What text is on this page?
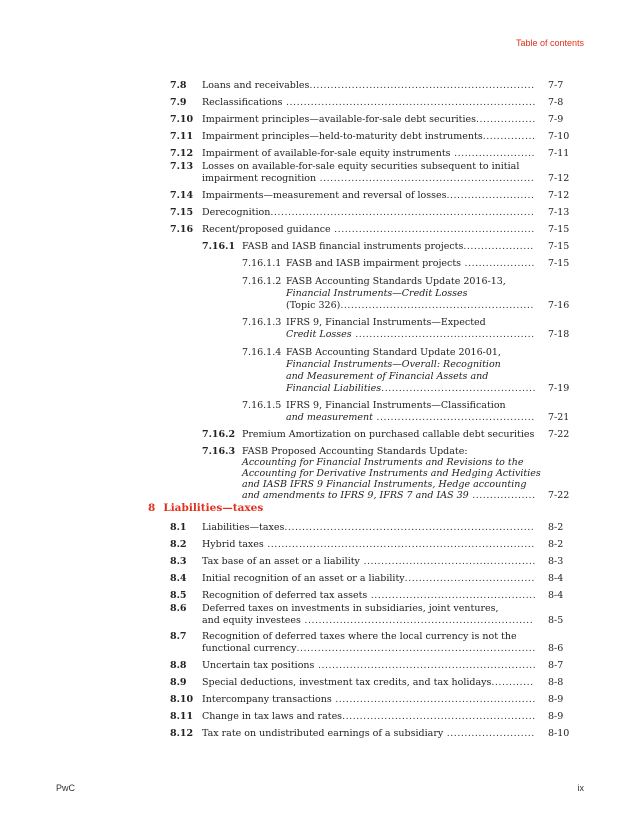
Table of contents
8 Liabilities—taxes
7.8 Loans and receivables................................................................ 7-7
7.9 Reclassifications ....................................................................... 7-8
7.10 Impairment principles—available-for-sale debt securities................. 7-9
7.11 Impairment principles—held-to-maturity debt instruments............... 7-10
7.12 Impairment of available-for-sale equity instruments ....................... 7-11
7.13 Losses on available-for-sale equity securities subsequent to initial
impairment recognition ............................................................. 7-12
7.14 Impairments—measurement and reversal of losses......................... 7-12
7.15 Derecognition........................................................................... 7-13
7.16 Recent/proposed guidance ......................................................... 7-15
7.16.1 FASB and IASB financial instruments projects.................... 7-15
7.16.1.1 FASB and IASB impairment projects .................... 7-15
7.16.1.2 FASB Accounting Standards Update 2016-13,
Financial Instruments—Credit Losses
(Topic 326)....................................................... 7-16
7.16.1.3 IFRS 9, Financial Instruments—Expected
Credit Losses ................................................... 7-18
7.16.1.4 FASB Accounting Standard Update 2016-01,
Financial Instruments—Overall: Recognition
and Measurement of Financial Assets and
Financial Liabilities............................................ 7-19
7.16.1.5 IFRS 9, Financial Instruments—Classification
and measurement ............................................. 7-21
7.16.2 Premium Amortization on purchased callable debt securities 7-22
7.16.3 FASB Proposed Accounting Standards Update:
Accounting for Financial Instruments and Revisions to the
Accounting for Derivative Instruments and Hedging Activities
and IASB IFRS 9 Financial Instruments, Hedge accounting
and amendments to IFRS 9, IFRS 7 and IAS 39 .................. 7-22
8.1 Liabilities—taxes....................................................................... 8-2
8.2 Hybrid taxes ............................................................................ 8-2
8.3 Tax base of an asset or a liability ................................................. 8-3
8.4 Initial recognition of an asset or a liability..................................... 8-4
8.5 Recognition of deferred tax assets ............................................... 8-4
8.6 Deferred taxes on investments in subsidiaries, joint ventures,
and equity investees ................................................................. 8-5
8.7 Recognition of deferred taxes where the local currency is not the
functional currency.................................................................... 8-6
8.8 Uncertain tax positions .............................................................. 8-7
8.9 Special deductions, investment tax credits, and tax holidays............ 8-8
8.10 Intercompany transactions ......................................................... 8-9
8.11 Change in tax laws and rates....................................................... 8-9
8.12 Tax rate on undistributed earnings of a subsidiary ......................... 8-10
PwC	ix
